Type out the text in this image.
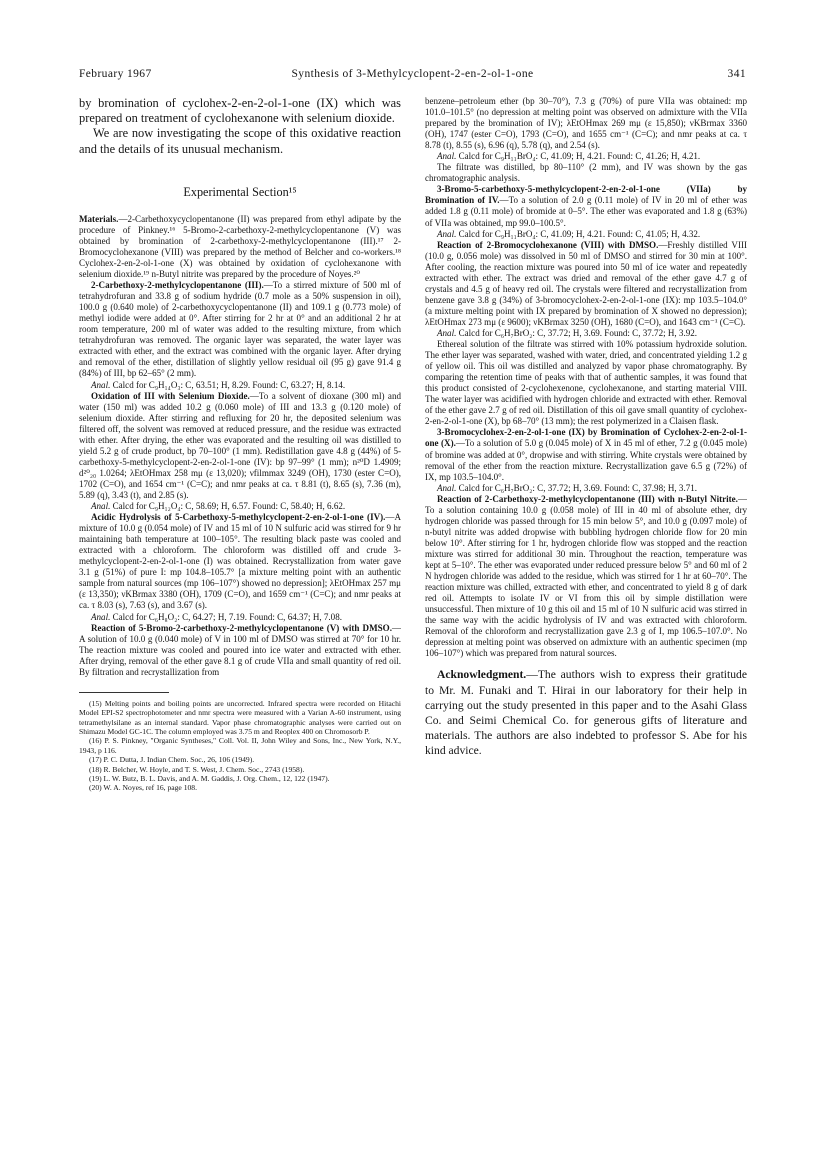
February 1967	Synthesis of 3-Methylcyclopent-2-en-2-ol-1-one	341

by bromination of cyclohex-2-en-2-ol-1-one (IX) which was prepared on treatment of cyclohexanone with selenium dioxide.

We are now investigating the scope of this oxidative reaction and the details of its unusual mechanism.

Experimental Section¹⁵

Materials.—2-Carbethoxycyclopentanone (II) was prepared from ethyl adipate by the procedure of Pinkney.¹⁶ 5-Bromo-2-carbethoxy-2-methylcyclopentanone (V) was obtained by bromination of 2-carbethoxy-2-methylcyclopentanone (III).¹⁷ 2-Bromocyclohexanone (VIII) was prepared by the method of Belcher and co-workers.¹⁸ Cyclohex-2-en-2-ol-1-one (X) was obtained by oxidation of cyclohexanone with selenium dioxide.¹⁹ n-Butyl nitrite was prepared by the procedure of Noyes.²⁰

2-Carbethoxy-2-methylcyclopentanone (III).—To a stirred mixture of 500 ml of tetrahydrofuran and 33.8 g of sodium hydride (0.7 mole as a 50% suspension in oil), 100.0 g (0.640 mole) of 2-carbethoxycyclopentanone (II) and 109.1 g (0.773 mole) of methyl iodide were added at 0°. After stirring for 2 hr at 0° and an additional 2 hr at room temperature, 200 ml of water was added to the resulting mixture, from which tetrahydrofuran was removed. The organic layer was separated, the water layer was extracted with ether, and the extract was combined with the organic layer. After drying and removal of the ether, distillation of slightly yellow residual oil (95 g) gave 91.4 g (84%) of III, bp 62–65° (2 mm).

Anal. Calcd for C₉H₁₄O₃: C, 63.51; H, 8.29. Found: C, 63.27; H, 8.14.

Oxidation of III with Selenium Dioxide.—To a solvent of dioxane (300 ml) and water (150 ml) was added 10.2 g (0.060 mole) of III and 13.3 g (0.120 mole) of selenium dioxide. After stirring and refluxing for 20 hr, the deposited selenium was filtered off, the solvent was removed at reduced pressure, and the residue was extracted with ether. After drying, the ether was evaporated and the resulting oil was distilled to yield 5.2 g of crude product, bp 70–100° (1 mm). Redistillation gave 4.8 g (44%) of 5-carbethoxy-5-methylcyclopent-2-en-2-ol-1-one (IV): bp 97–99° (1 mm); n²⁰D 1.4909; d²⁰₂₀ 1.0264; λEtOHmax 258 mμ (ε 13,020); νfilmmax 3249 (OH), 1730 (ester C=O), 1702 (C=O), and 1654 cm⁻¹ (C=C); and nmr peaks at ca. τ 8.81 (t), 8.65 (s), 7.36 (m), 5.89 (q), 3.43 (t), and 2.85 (s).

Anal. Calcd for C₉H₁₂O₄: C, 58.69; H, 6.57. Found: C, 58.40; H, 6.62.

Acidic Hydrolysis of 5-Carbethoxy-5-methylcyclopent-2-en-2-ol-1-one (IV).—A mixture of 10.0 g (0.054 mole) of IV and 15 ml of 10 N sulfuric acid was stirred for 9 hr maintaining bath temperature at 100–105°. The resulting black paste was cooled and extracted with a chloroform. The chloroform was distilled off and crude 3-methylcyclopent-2-en-2-ol-1-one (I) was obtained. Recrystallization from water gave 3.1 g (51%) of pure I: mp 104.8–105.7° [a mixture melting point with an authentic sample from natural sources (mp 106–107°) showed no depression]; λEtOHmax 257 mμ (ε 13,350); νKBrmax 3380 (OH), 1709 (C=O), and 1659 cm⁻¹ (C=C); and nmr peaks at ca. τ 8.03 (s), 7.63 (s), and 3.67 (s).

Anal. Calcd for C₆H₈O₂: C, 64.27; H, 7.19. Found: C, 64.37; H, 7.08.

Reaction of 5-Bromo-2-carbethoxy-2-methylcyclopentanone (V) with DMSO.—A solution of 10.0 g (0.040 mole) of V in 100 ml of DMSO was stirred at 70° for 10 hr. The reaction mixture was cooled and poured into ice water and extracted with ether. After drying, removal of the ether gave 8.1 g of crude VIIa and small quantity of red oil. By filtration and recrystallization from

(15) Melting points and boiling points are uncorrected. Infrared spectra were recorded on Hitachi Model EPI-S2 spectrophotometer and nmr spectra were measured with a Varian A-60 instrument, using tetramethylsilane as an internal standard. Vapor phase chromatographic analyses were carried out on Shimazu Model GC-1C. The column employed was 3.75 m and Reoplex 400 on Chromosorb P.

(16) P. S. Pinkney, "Organic Syntheses," Coll. Vol. II, John Wiley and Sons, Inc., New York, N.Y., 1943, p 116.

(17) P. C. Dutta, J. Indian Chem. Soc., 26, 106 (1949).

(18) R. Belcher, W. Hoyle, and T. S. West, J. Chem. Soc., 2743 (1958).

(19) L. W. Butz, B. L. Davis, and A. M. Gaddis, J. Org. Chem., 12, 122 (1947).

(20) W. A. Noyes, ref 16, page 108.

benzene–petroleum ether (bp 30–70°), 7.3 g (70%) of pure VIIa was obtained: mp 101.0–101.5° (no depression at melting point was observed on admixture with the VIIa prepared by the bromination of IV); λEtOHmax 269 mμ (ε 15,850); νKBrmax 3360 (OH), 1747 (ester C=O), 1793 (C=O), and 1655 cm⁻¹ (C=C); and nmr peaks at ca. τ 8.78 (t), 8.55 (s), 6.96 (q), 5.78 (q), and 2.54 (s).

Anal. Calcd for C₉H₁₁BrO₄: C, 41.09; H, 4.21. Found: C, 41.26; H, 4.21.

The filtrate was distilled, bp 80–110° (2 mm), and IV was shown by the gas chromatographic analysis.

3-Bromo-5-carbethoxy-5-methylcyclopent-2-en-2-ol-1-one (VIIa) by Bromination of IV.—To a solution of 2.0 g (0.11 mole) of IV in 20 ml of ether was added 1.8 g (0.11 mole) of bromide at 0–5°. The ether was evaporated and 1.8 g (63%) of VIIa was obtained, mp 99.0–100.5°.

Anal. Calcd for C₉H₁₁BrO₄: C, 41.09; H, 4.21. Found: C, 41.05; H, 4.32.

Reaction of 2-Bromocyclohexanone (VIII) with DMSO.—Freshly distilled VIII (10.0 g, 0.056 mole) was dissolved in 50 ml of DMSO and stirred for 30 min at 100°. After cooling, the reaction mixture was poured into 50 ml of ice water and repeatedly extracted with ether. The extract was dried and removal of the ether gave 4.7 g of crystals and 4.5 g of heavy red oil. The crystals were filtered and recrystallization from benzene gave 3.8 g (34%) of 3-bromocyclohex-2-en-2-ol-1-one (IX): mp 103.5–104.0° (a mixture melting point with IX prepared by bromination of X showed no depression); λEtOHmax 273 mμ (ε 9600); νKBrmax 3250 (OH), 1680 (C=O), and 1643 cm⁻¹ (C=C).

Anal. Calcd for C₆H₇BrO₂: C, 37.72; H, 3.69. Found: C, 37.72; H, 3.92.

Ethereal solution of the filtrate was stirred with 10% potassium hydroxide solution. The ether layer was separated, washed with water, dried, and concentrated yielding 1.2 g of yellow oil. This oil was distilled and analyzed by vapor phase chromatography. By comparing the retention time of peaks with that of authentic samples, it was found that this product consisted of 2-cyclohexenone, cyclohexanone, and starting material VIII. The water layer was acidified with hydrogen chloride and extracted with ether. Removal of the ether gave 2.7 g of red oil. Distillation of this oil gave small quantity of cyclohex-2-en-2-ol-1-one (X), bp 68–70° (13 mm); the rest polymerized in a Claisen flask.

3-Bromocyclohex-2-en-2-ol-1-one (IX) by Bromination of Cyclohex-2-en-2-ol-1-one (X).—To a solution of 5.0 g (0.045 mole) of X in 45 ml of ether, 7.2 g (0.045 mole) of bromine was added at 0°, dropwise and with stirring. White crystals were obtained by removal of the ether from the reaction mixture. Recrystallization gave 6.5 g (72%) of IX, mp 103.5–104.0°.

Anal. Calcd for C₆H₇BrO₂: C, 37.72; H, 3.69. Found: C, 37.98; H, 3.71.

Reaction of 2-Carbethoxy-2-methylcyclopentanone (III) with n-Butyl Nitrite.—To a solution containing 10.0 g (0.058 mole) of III in 40 ml of absolute ether, dry hydrogen chloride was passed through for 15 min below 5°, and 10.0 g (0.097 mole) of n-butyl nitrite was added dropwise with bubbling hydrogen chloride flow for 20 min below 10°. After stirring for 1 hr, hydrogen chloride flow was stopped and the reaction mixture was stirred for additional 30 min. Throughout the reaction, temperature was kept at 5–10°. The ether was evaporated under reduced pressure below 5° and 60 ml of 2 N hydrogen chloride was added to the residue, which was stirred for 1 hr at 60–70°. The reaction mixture was chilled, extracted with ether, and concentrated to yield 8 g of dark red oil. Attempts to isolate IV or VI from this oil by simple distillation were unsuccessful. Then mixture of 10 g this oil and 15 ml of 10 N sulfuric acid was stirred in the same way with the acidic hydrolysis of IV and was extracted with chloroform. Removal of the chloroform and recrystallization gave 2.3 g of I, mp 106.5–107.0°. No depression at melting point was observed on admixture with an authentic specimen (mp 106–107°) which was prepared from natural sources.

Acknowledgment.—The authors wish to express their gratitude to Mr. M. Funaki and T. Hirai in our laboratory for their help in carrying out the study presented in this paper and to the Asahi Glass Co. and Seimi Chemical Co. for generous gifts of literature and materials. The authors are also indebted to professor S. Abe for his kind advice.
